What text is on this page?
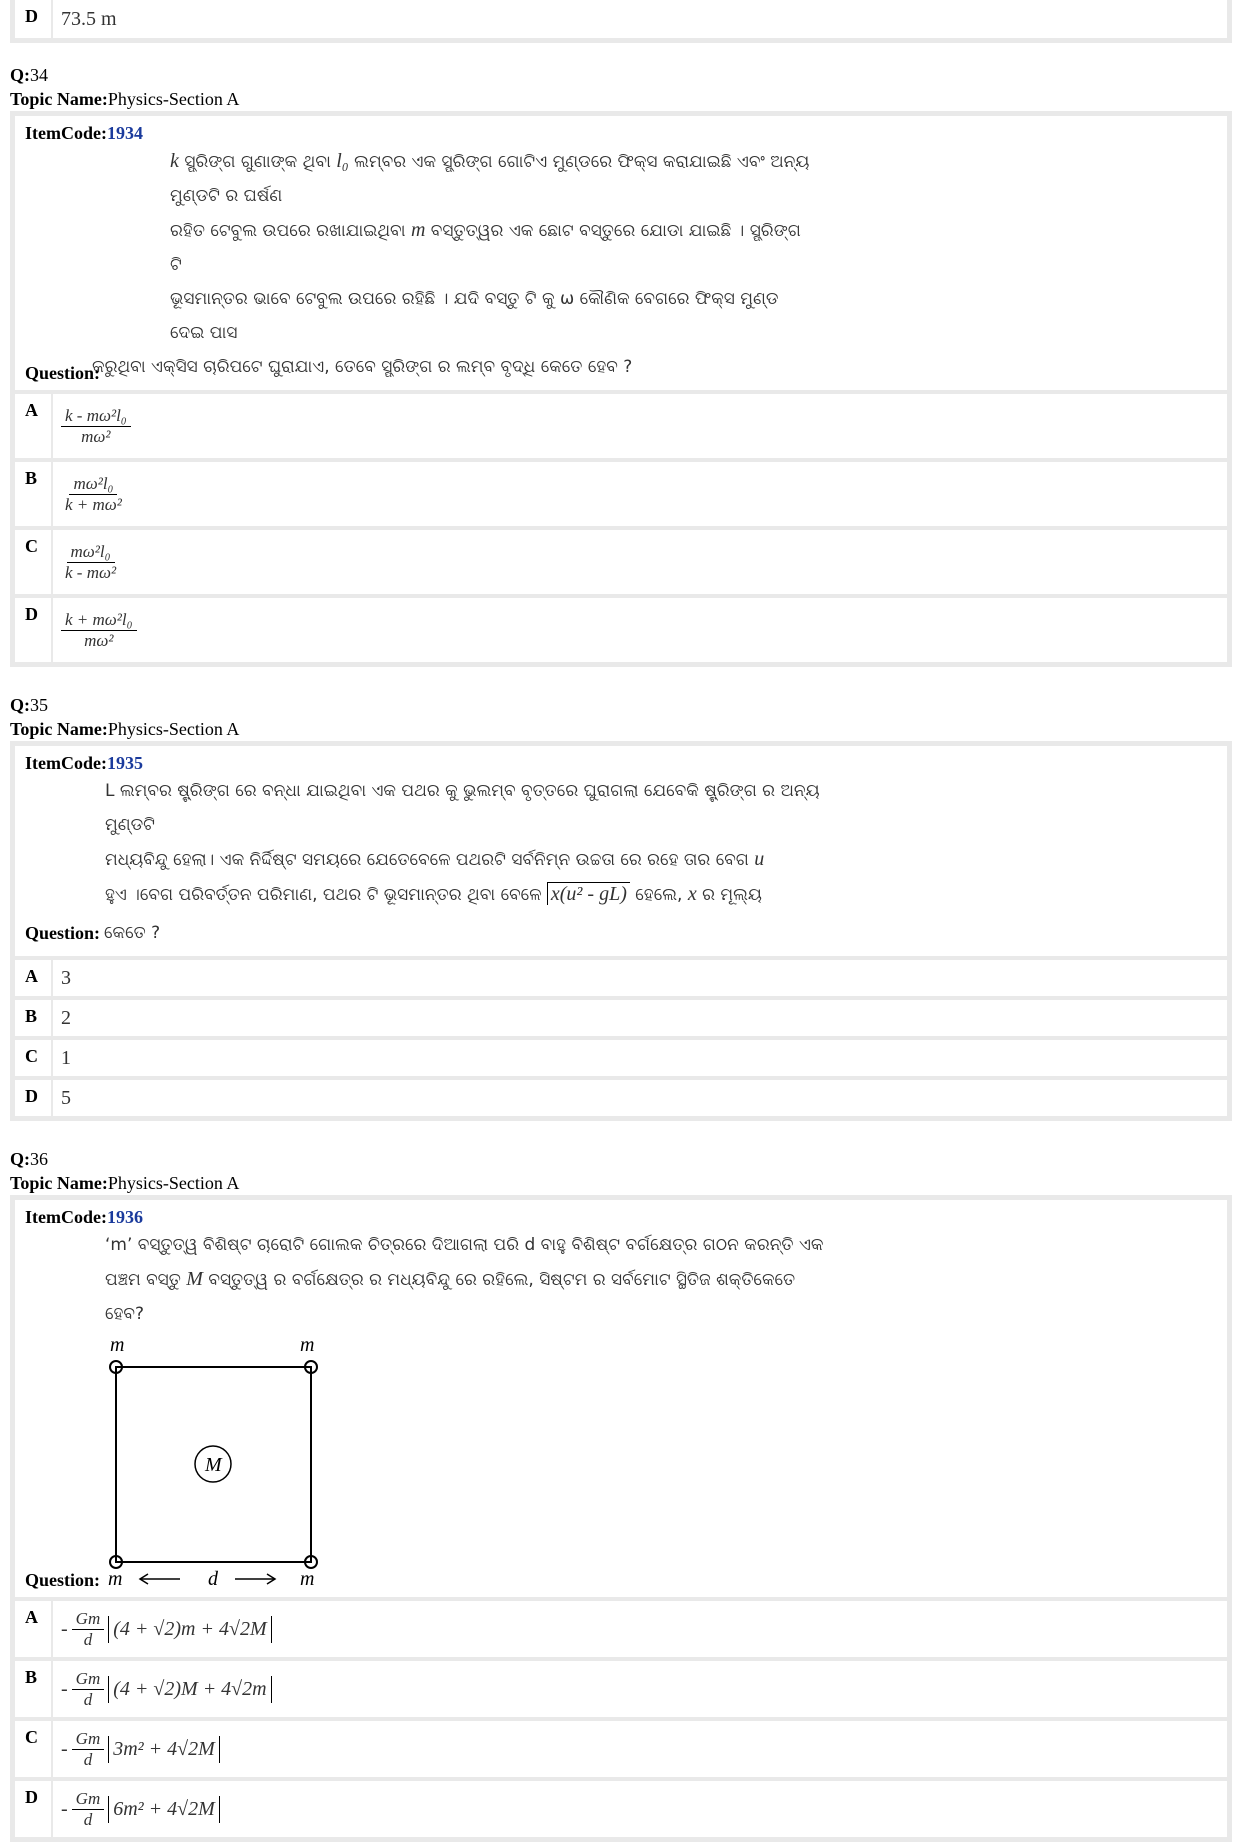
D	73.5 m
Q:34
Topic Name:Physics-Section A
ItemCode:1934
Question:
k ସ୍ପ୍ରିଙ୍ଗ ଗୁଣାଙ୍କ ଥିବା l₀ ଲମ୍ବର ଏକ ସ୍ପ୍ରିଙ୍ଗ ଗୋଟିଏ ମୁଣ୍ଡରେ ଫିକ୍ସ କରାଯାଇଛି ଏବଂ ଅନ୍ୟ ମୁଣ୍ଡଟି ର ଘର୍ଷଣ
ରହିତ ଟେବୁଲ ଉପରେ ରଖାଯାଇଥିବା m ବସ୍ତୁତ୍ୱର ଏକ ଛୋଟ ବସ୍ତୁରେ ଯୋଡା ଯାଇଛି । ସ୍ପ୍ରିଙ୍ଗ ଟି
ଭୂସମାନ୍ତର ଭାବେ ଟେବୁଲ ଉପରେ ରହିଛି । ଯଦି ବସ୍ତୁ ଟି କୁ ω କୌଣିକ ବେଗରେ ଫିକ୍ସ ମୁଣ୍ଡ ଦେଇ ପାସ
କରୁଥିବା ଏକ୍ସିସ ଚାରିପଟେ ଘୁରାଯାଏ, ତେବେ ସ୍ପ୍ରିଙ୍ଗ ର ଲମ୍ବ ବୃଦ୍ଧି କେତେ ହେବ ?
A	$\frac{\text{k - mω²l₀}}{\text{mω²}}$
B	$\frac{\text{mω²l₀}}{\text{k + mω²}}$
C	$\frac{\text{mω²l₀}}{\text{k - mω²}}$
D	$\frac{\text{k + mω²l₀}}{\text{mω²}}$
Q:35
Topic Name:Physics-Section A
ItemCode:1935
L ଲମ୍ବର ଷ୍ଟ୍ରିଙ୍ଗ ରେ ବନ୍ଧା ଯାଇଥିବା ଏକ ପଥର କୁ ଭୁଲମ୍ବ ବୃତ୍ତରେ ଘୁରାଗଲା ଯେବେକି ଷ୍ଟ୍ରିଙ୍ଗ ର ଅନ୍ୟ ମୁଣ୍ଡଟି
ମଧ୍ୟବିନ୍ଦୁ ହେଲା। ଏକ ନିର୍ଦ୍ଦିଷ୍ଟ ସମୟରେ ଯେତେବେଳେ ପଥରଟି ସର୍ବନିମ୍ନ ଉଚ୍ଚତା ରେ ରହେ ତାର ବେଗ u
ହୁଏ ।ବେଗ ପରିବର୍ତ୍ତନ ପରିମାଣ, ପଥର ଟି ଭୂସମାନ୍ତର ଥିବା ବେଳେ x(u² - gL) ହେଲେ, x ର ମୂଲ୍ୟ
Question: କେତେ ?
A	3
B	2
C	1
D	5
Q:36
Topic Name:Physics-Section A
ItemCode:1936
‘m’ ବସ୍ତୁତ୍ୱ ବିଶିଷ୍ଟ ଚାରୋଟି ଗୋଲକ ଚିତ୍ରରେ ଦିଆଗଲା ପରି d ବାହୁ ବିଶିଷ୍ଟ ବର୍ଗକ୍ଷେତ୍ର ଗଠନ କରନ୍ତି ଏକ
ପଞ୍ଚମ ବସ୍ତୁ M ବସ୍ତୁତ୍ୱ ର ବର୍ଗକ୍ଷେତ୍ର ର ମଧ୍ୟବିନ୍ଦୁ ରେ ରହିଲେ, ସିଷ୍ଟମ ର ସର୍ବମୋଟ ସ୍ଥିତିଜ ଶକ୍ତିକେତେ
ହେବ?
Question:
m	m
M
m	m
d
A
- $\frac{Gm}{d} (4 + √2)m + 4√2M$
B
- $\frac{Gm}{d} (4 + √2)M + 4√2m$
C
- $\frac{Gm}{d} 3m^2 + 4√2M$
D
- $\frac{Gm}{d} 6m^2 + 4√2M$
